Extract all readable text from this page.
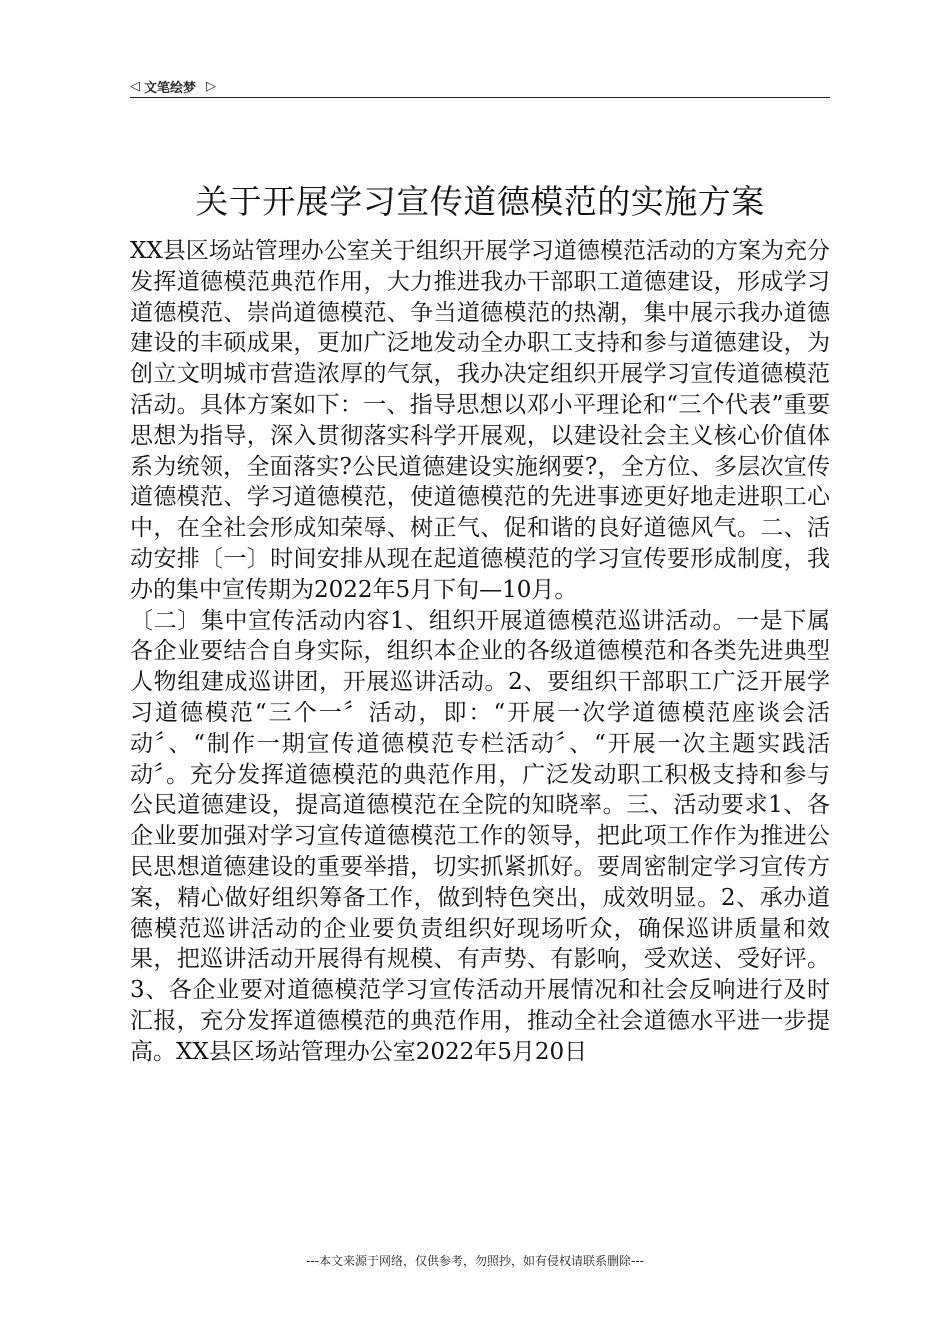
◁ 文笔绘梦 ▷
关于开展学习宣传道德模范的实施方案

XX县区场站管理办公室关于组织开展学习道德模范活动的方案为充分发挥道德模范典范作用，大力推进我办干部职工道德建设，形成学习道德模范、崇尚道德模范、争当道德模范的热潮，集中展示我办道德建设的丰硕成果，更加广泛地发动全办职工支持和参与道德建设，为创立文明城市营造浓厚的气氛，我办决定组织开展学习宣传道德模范活动。具体方案如下：一、指导思想以邓小平理论和“三个代表”重要思想为指导，深入贯彻落实科学开展观，以建设社会主义核心价值体系为统领，全面落实?公民道德建设实施纲要?，全方位、多层次宣传道德模范、学习道德模范，使道德模范的先进事迹更好地走进职工心中，在全社会形成知荣辱、树正气、促和谐的良好道德风气。二、活动安排〔一〕时间安排从现在起道德模范的学习宣传要形成制度，我办的集中宣传期为2022年5月下旬—10月。

〔二〕集中宣传活动内容1、组织开展道德模范巡讲活动。一是下属各企业要结合自身实际，组织本企业的各级道德模范和各类先进典型人物组建成巡讲团，开展巡讲活动。2、要组织干部职工广泛开展学习道德模范“三个一〞活动，即：“开展一次学道德模范座谈会活动〞、“制作一期宣传道德模范专栏活动〞、“开展一次主题实践活动〞。充分发挥道德模范的典范作用，广泛发动职工积极支持和参与公民道德建设，提高道德模范在全院的知晓率。三、活动要求1、各企业要加强对学习宣传道德模范工作的领导，把此项工作作为推进公民思想道德建设的重要举措，切实抓紧抓好。要周密制定学习宣传方案，精心做好组织筹备工作，做到特色突出，成效明显。2、承办道德模范巡讲活动的企业要负责组织好现场听众，确保巡讲质量和效果，把巡讲活动开展得有规模、有声势、有影响，受欢送、受好评。3、各企业要对道德模范学习宣传活动开展情况和社会反响进行及时汇报，充分发挥道德模范的典范作用，推动全社会道德水平进一步提高。XX县区场站管理办公室2022年5月20日

---本文来源于网络，仅供参考，勿照抄，如有侵权请联系删除---
